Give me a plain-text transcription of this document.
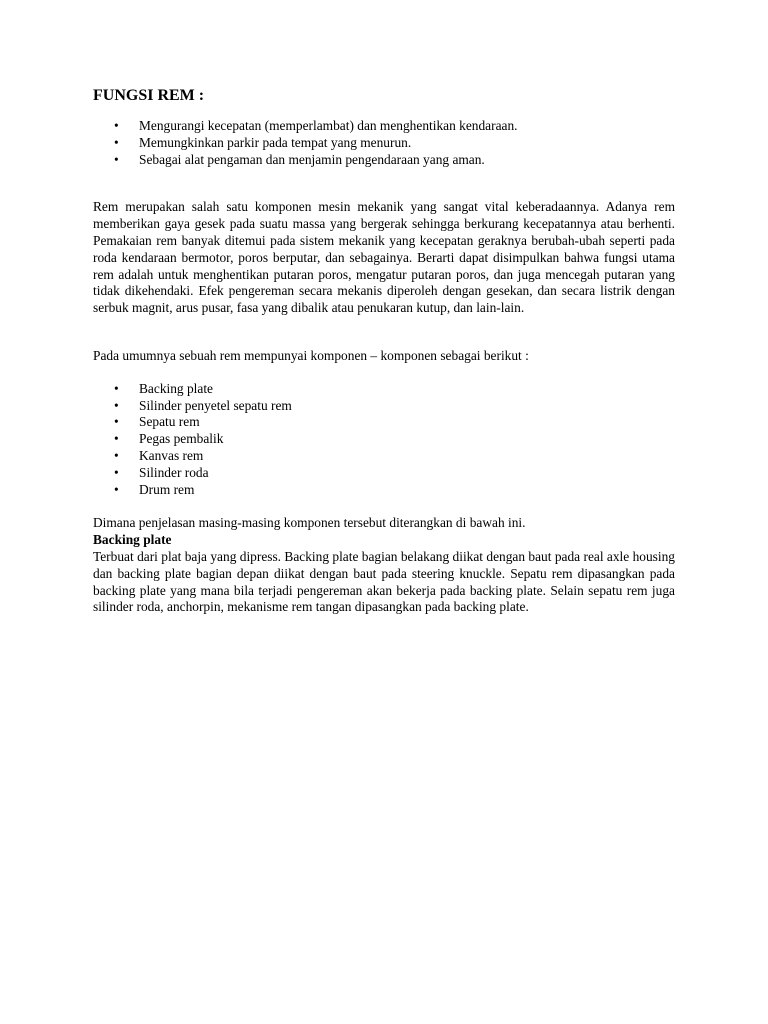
FUNGSI REM :
• Mengurangi kecepatan (memperlambat) dan menghentikan kendaraan.
• Memungkinkan parkir pada tempat yang menurun.
• Sebagai alat pengaman dan menjamin pengendaraan yang aman.

Rem merupakan salah satu komponen mesin mekanik yang sangat vital keberadaannya. Adanya rem memberikan gaya gesek pada suatu massa yang bergerak sehingga berkurang kecepatannya atau berhenti. Pemakaian rem banyak ditemui pada sistem mekanik yang kecepatan geraknya berubah-ubah seperti pada roda kendaraan bermotor, poros berputar, dan sebagainya. Berarti dapat disimpulkan bahwa fungsi utama rem adalah untuk menghentikan putaran poros, mengatur putaran poros, dan juga mencegah putaran yang tidak dikehendaki. Efek pengereman secara mekanis diperoleh dengan gesekan, dan secara listrik dengan serbuk magnit, arus pusar, fasa yang dibalik atau penukaran kutup, dan lain-lain.

Pada umumnya sebuah rem mempunyai komponen – komponen sebagai berikut :

• Backing plate
• Silinder penyetel sepatu rem
• Sepatu rem
• Pegas pembalik
• Kanvas rem
• Silinder roda
• Drum rem

Dimana penjelasan masing-masing komponen tersebut diterangkan di bawah ini.

Backing plate

Terbuat dari plat baja yang dipress. Backing plate bagian belakang diikat dengan baut pada real axle housing dan backing plate bagian depan diikat dengan baut pada steering knuckle. Sepatu rem dipasangkan pada backing plate yang mana bila terjadi pengereman akan bekerja pada backing plate. Selain sepatu rem juga silinder roda, anchorpin, mekanisme rem tangan dipasangkan pada backing plate.
